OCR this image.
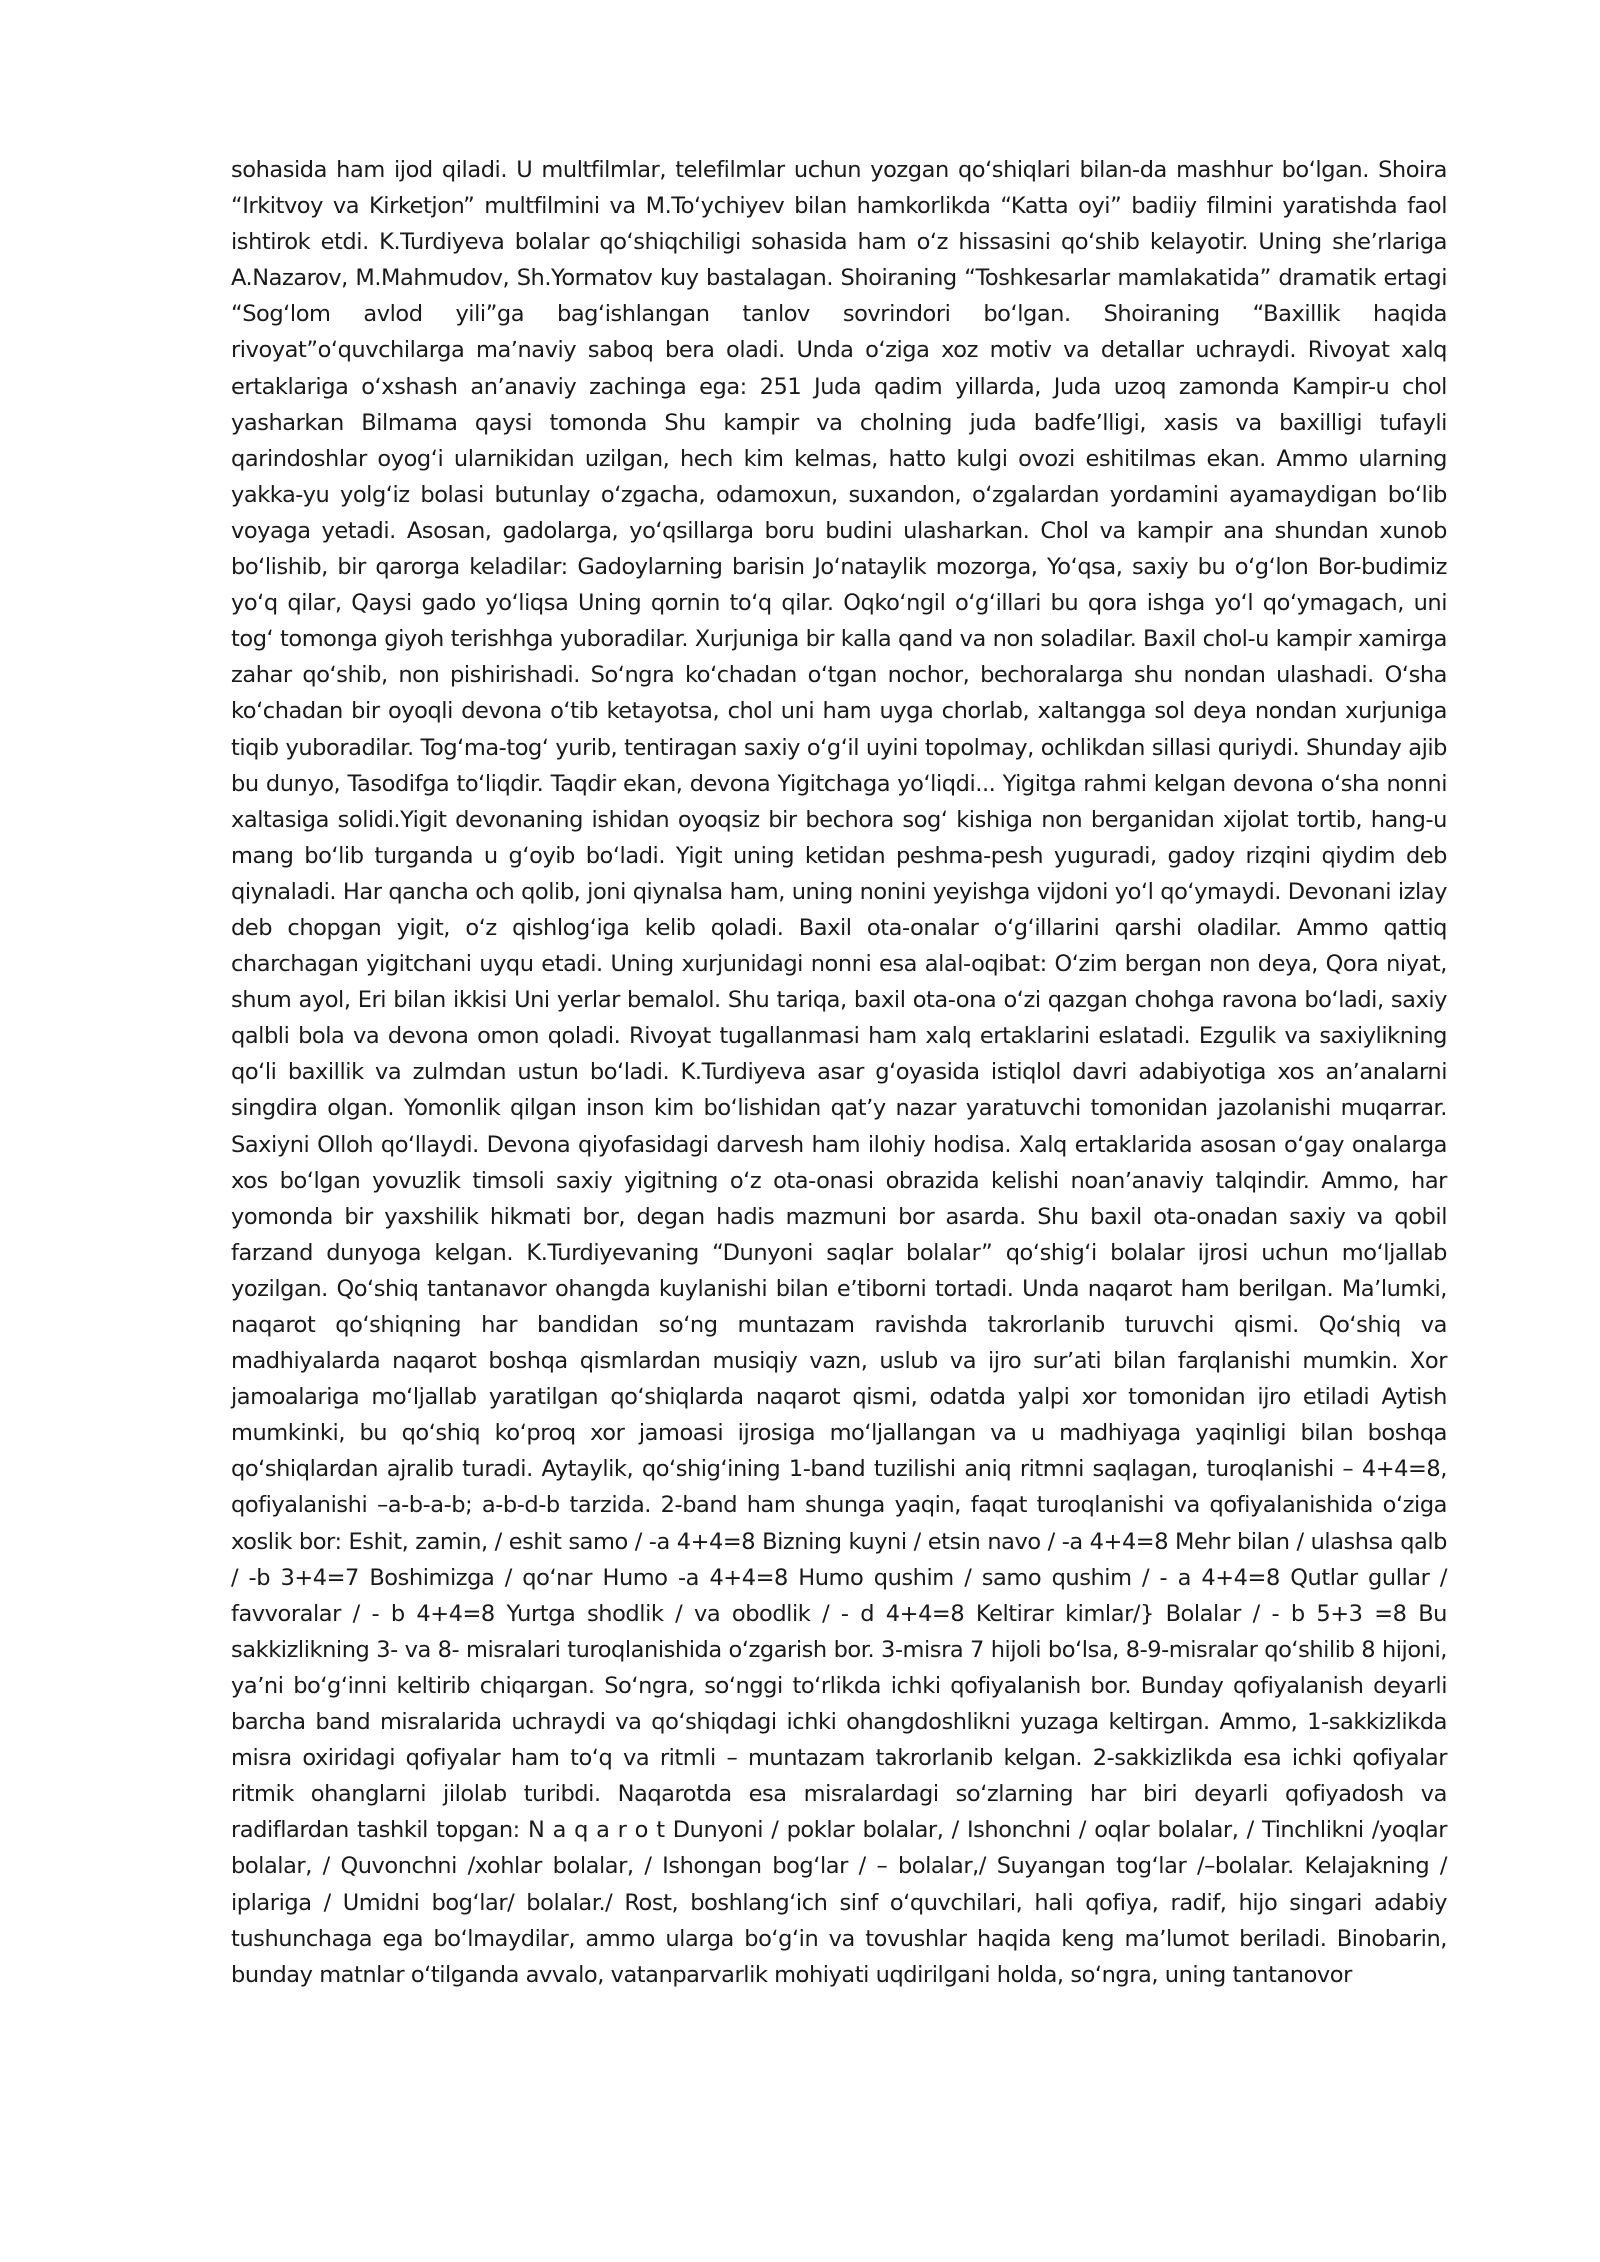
sohasida ham ijod qiladi. U multfilmlar, telefilmlar uchun yozgan qoʻshiqlari bilan-da mashhur boʻlgan. Shoira “Irkitvoy va Kirketjon” multfilmini va M.Toʻychiyev bilan hamkorlikda “Katta oyi” badiiy filmini yaratishda faol ishtirok etdi. K.Turdiyeva bolalar qoʻshiqchiligi sohasida ham oʻz hissasini qoʻshib kelayotir. Uning sheʼrlariga A.Nazarov, M.Mahmudov, Sh.Yormatov kuy bastalagan. Shoiraning “Toshkesarlar mamlakatida” dramatik ertagi “Sogʻlom avlod yili”ga bagʻishlangan tanlov sovrindori boʻlgan. Shoiraning “Baxillik haqida rivoyat”oʻquvchilarga maʼnaviy saboq bera oladi. Unda oʻziga xoz motiv va detallar uchraydi. Rivoyat xalq ertaklariga oʻxshash anʼanaviy zachinga ega: 251 Juda qadim yillarda, Juda uzoq zamonda Kampir-u chol yasharkan Bilmama qaysi tomonda Shu kampir va cholning juda badfeʼlligi, xasis va baxilligi tufayli qarindoshlar oyogʻi ularnikidan uzilgan, hech kim kelmas, hatto kulgi ovozi eshitilmas ekan. Ammo ularning yakka-yu yolgʻiz bolasi butunlay oʻzgacha, odamoxun, suxandon, oʻzgalardan yordamini ayamaydigan boʻlib voyaga yetadi. Asosan, gadolarga, yoʻqsillarga boru budini ulasharkan. Chol va kampir ana shundan xunob boʻlishib, bir qarorga keladilar: Gadoylarning barisin Joʻnataylik mozorga, Yoʻqsa, saxiy bu oʻgʻlon Bor-budimiz yoʻq qilar, Qaysi gado yoʻliqsa Uning qornin toʻq qilar. Oqkoʻngil oʻgʻillari bu qora ishga yoʻl qoʻymagach, uni togʻ tomonga giyoh terishhga yuboradilar. Xurjuniga bir kalla qand va non soladilar. Baxil chol-u kampir xamirga zahar qoʻshib, non pishirishadi. Soʻngra koʻchadan oʻtgan nochor, bechoralarga shu nondan ulashadi. Oʻsha koʻchadan bir oyoqli devona oʻtib ketayotsa, chol uni ham uyga chorlab, xaltangga sol deya nondan xurjuniga tiqib yuboradilar. Togʻma-togʻ yurib, tentiragan saxiy oʻgʻil uyini topolmay, ochlikdan sillasi quriydi. Shunday ajib bu dunyo, Tasodifga toʻliqdir. Taqdir ekan, devona Yigitchaga yoʻliqdi... Yigitga rahmi kelgan devona oʻsha nonni xaltasiga solidi.Yigit devonaning ishidan oyoqsiz bir bechora sogʻ kishiga non berganidan xijolat tortib, hang-u mang boʻlib turganda u gʻoyib boʻladi. Yigit uning ketidan peshma-pesh yuguradi, gadoy rizqini qiydim deb qiynaladi. Har qancha och qolib, joni qiynalsa ham, uning nonini yeyishga vijdoni yoʻl qoʻymaydi. Devonani izlay deb chopgan yigit, oʻz qishlogʻiga kelib qoladi. Baxil ota-onalar oʻgʻillarini qarshi oladilar. Ammo qattiq charchagan yigitchani uyqu etadi. Uning xurjunidagi nonni esa alal-oqibat: Oʻzim bergan non deya, Qora niyat, shum ayol, Eri bilan ikkisi Uni yerlar bemalol. Shu tariqa, baxil ota-ona oʻzi qazgan chohga ravona boʻladi, saxiy qalbli bola va devona omon qoladi. Rivoyat tugallanmasi ham xalq ertaklarini eslatadi. Ezgulik va saxiylikning qoʻli baxillik va zulmdan ustun boʻladi. K.Turdiyeva asar gʻoyasida istiqlol davri adabiyotiga xos anʼanalarni singdira olgan. Yomonlik qilgan inson kim boʻlishidan qatʼy nazar yaratuvchi tomonidan jazolanishi muqarrar. Saxiyni Olloh qoʻllaydi. Devona qiyofasidagi darvesh ham ilohiy hodisa. Xalq ertaklarida asosan oʻgay onalarga xos boʻlgan yovuzlik timsoli saxiy yigitning oʻz ota-onasi obrazida kelishi noanʼanaviy talqindir. Ammo, har yomonda bir yaxshilik hikmati bor, degan hadis mazmuni bor asarda. Shu baxil ota-onadan saxiy va qobil farzand dunyoga kelgan. K.Turdiyevaning “Dunyoni saqlar bolalar” qoʻshigʻi bolalar ijrosi uchun moʻljallab yozilgan. Qoʻshiq tantanavor ohangda kuylanishi bilan eʼtiborni tortadi. Unda naqarot ham berilgan. Maʼlumki, naqarot qoʻshiqning har bandidan soʻng muntazam ravishda takrorlanib turuvchi qismi. Qoʻshiq va madhiyalarda naqarot boshqa qismlardan musiqiy vazn, uslub va ijro surʼati bilan farqlanishi mumkin. Xor jamoalariga moʻljallab yaratilgan qoʻshiqlarda naqarot qismi, odatda yalpi xor tomonidan ijro etiladi Aytish mumkinki, bu qoʻshiq koʻproq xor jamoasi ijrosiga moʻljallangan va u madhiyaga yaqinligi bilan boshqa qoʻshiqlardan ajralib turadi. Aytaylik, qoʻshigʻining 1-band tuzilishi aniq ritmni saqlagan, turoqlanishi – 4+4=8, qofiyalanishi –a-b-a-b; a-b-d-b tarzida. 2-band ham shunga yaqin, faqat turoqlanishi va qofiyalanishida oʻziga xoslik bor: Eshit, zamin, / eshit samo / -a 4+4=8 Bizning kuyni / etsin navo / -a 4+4=8 Mehr bilan / ulashsa qalb / -b 3+4=7 Boshimizga / qoʻnar Humo -a 4+4=8 Humo qushim / samo qushim / - a 4+4=8 Qutlar gullar / favvoralar / - b 4+4=8 Yurtga shodlik / va obodlik / - d 4+4=8 Keltirar kimlar/} Bolalar / - b 5+3 =8 Bu sakkizlikning 3- va 8- misralari turoqlanishida oʻzgarish bor. 3-misra 7 hijoli boʻlsa, 8-9-misralar qoʻshilib 8 hijoni, yaʼni boʻgʻinni keltirib chiqargan. Soʻngra, soʻnggi toʻrlikda ichki qofiyalanish bor. Bunday qofiyalanish deyarli barcha band misralarida uchraydi va qoʻshiqdagi ichki ohangdoshlikni yuzaga keltirgan. Ammo, 1-sakkizlikda misra oxiridagi qofiyalar ham toʻq va ritmli – muntazam takrorlanib kelgan. 2-sakkizlikda esa ichki qofiyalar ritmik ohanglarni jilolab turibdi. Naqarotda esa misralardagi soʻzlarning har biri deyarli qofiyadosh va radiflardan tashkil topgan: N a q a r o t Dunyoni / poklar bolalar, / Ishonchni / oqlar bolalar, / Tinchlikni /yoqlar bolalar, / Quvonchni /xohlar bolalar, / Ishongan bogʻlar / – bolalar,/ Suyangan togʻlar /–bolalar. Kelajakning / iplariga / Umidni bogʻlar/ bolalar./ Rost, boshlangʻich sinf oʻquvchilari, hali qofiya, radif, hijo singari adabiy tushunchaga ega boʻlmaydilar, ammo ularga boʻgʻin va tovushlar haqida keng maʼlumot beriladi. Binobarin, bunday matnlar oʻtilganda avvalo, vatanparvarlik mohiyati uqdirilgani holda, soʻngra, uning tantanovor
